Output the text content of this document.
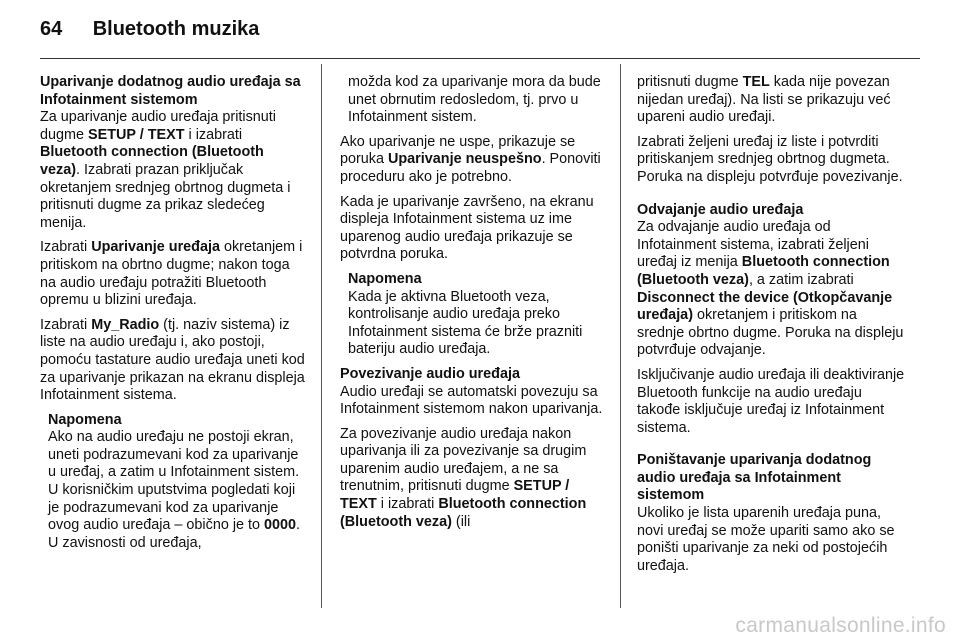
64 Bluetooth muzika

Uparivanje dodatnog audio uređaja sa Infotainment sistemom

Za uparivanje audio uređaja pritisnuti dugme SETUP / TEXT i izabrati Bluetooth connection (Bluetooth veza). Izabrati prazan priključak okretanjem srednjeg obrtnog dugmeta i pritisnuti dugme za prikaz sledećeg menija.

Izabrati Uparivanje uređaja okretanjem i pritiskom na obrtno dugme; nakon toga na audio uređaju potražiti Bluetooth opremu u blizini uređaja.

Izabrati My_Radio (tj. naziv sistema) iz liste na audio uređaju i, ako postoji, pomoću tastature audio uređaja uneti kod za uparivanje prikazan na ekranu displeja Infotainment sistema.

Napomena
Ako na audio uređaju ne postoji ekran, uneti podrazumevani kod za uparivanje u uređaj, a zatim u Infotainment sistem. U korisničkim uputstvima pogledati koji je podrazumevani kod za uparivanje ovog audio uređaja – obično je to 0000. U zavisnosti od uređaja,
možda kod za uparivanje mora da bude unet obrnutim redosledom, tj. prvo u Infotainment sistem.

Ako uparivanje ne uspe, prikazuje se poruka Uparivanje neuspešno. Ponoviti proceduru ako je potrebno.

Kada je uparivanje završeno, na ekranu displeja Infotainment sistema uz ime uparenog audio uređaja prikazuje se potvrdna poruka.

Napomena
Kada je aktivna Bluetooth veza, kontrolisanje audio uređaja preko Infotainment sistema će brže prazniti bateriju audio uređaja.

Povezivanje audio uređaja

Audio uređaji se automatski povezuju sa Infotainment sistemom nakon uparivanja.

Za povezivanje audio uređaja nakon uparivanja ili za povezivanje sa drugim uparenim audio uređajem, a ne sa trenutnim, pritisnuti dugme SETUP / TEXT i izabrati Bluetooth connection (Bluetooth veza) (ili

pritisnuti dugme TEL kada nije povezan nijedan uređaj). Na listi se prikazuju već upareni audio uređaji.

Izabrati željeni uređaj iz liste i potvrditi pritiskanjem srednjeg obrtnog dugmeta. Poruka na displeju potvrđuje povezivanje.

Odvajanje audio uređaja

Za odvajanje audio uređaja od Infotainment sistema, izabrati željeni uređaj iz menija Bluetooth connection (Bluetooth veza), a zatim izabrati Disconnect the device (Otkopčavanje uređaja) okretanjem i pritiskom na srednje obrtno dugme. Poruka na displeju potvrđuje odvajanje.

Isključivanje audio uređaja ili deaktiviranje Bluetooth funkcije na audio uređaju takođe isključuje uređaj iz Infotainment sistema.

Poništavanje uparivanja dodatnog audio uređaja sa Infotainment sistemom

Ukoliko je lista uparenih uređaja puna, novi uređaj se može upariti samo ako se poništi uparivanje za neki od postojećih uređaja.

carmanualsonline.info
